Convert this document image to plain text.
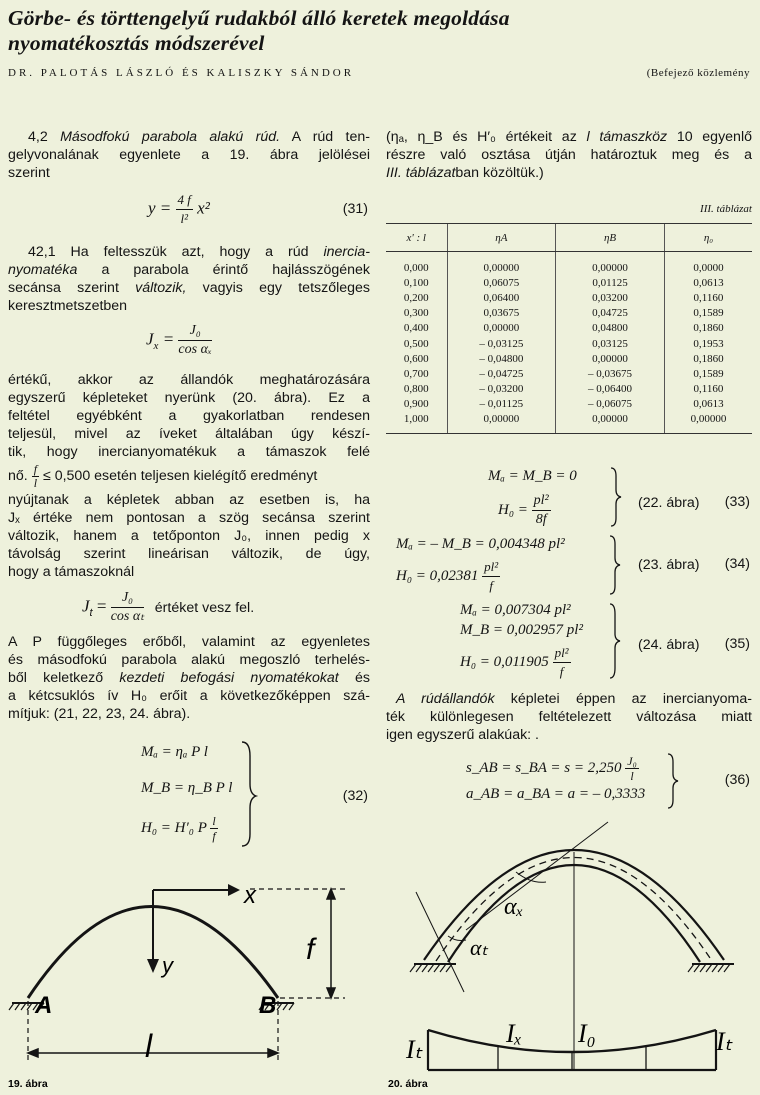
Görbe- és törttengelyű rudakból álló keretek megoldása
nyomatékosztás módszerével
DR. PALOTÁS LÁSZLÓ ÉS KALISZKY SÁNDOR	(Befejező közlemény
4,2 Másodfokú parabola alakú rúd. A rúd ten-
gelyvonalának egyenlete a 19. ábra jelölései
szerint
$y = \frac{4 f}{\text{l²}} x^2$	(31)
42,1 Ha feltesszük azt, hogy a rúd inercia-
nyomatéka a parabola érintő hajlásszögének
secánsa szerint változik, vagyis egy tetszőleges
keresztmetszetben
$J_x = \frac{\text{J₀}}{\text{cos αₓ}}$
értékű, akkor az állandók meghatározására
egyszerű képleteket nyerünk (20. ábra). Ez a
feltétel egyébként a gyakorlatban rendesen
teljesül, mivel az íveket általában úgy készí-
tik, hogy inercianyomatékuk a támaszok felé
nő. $\frac{f}{l} \le 0,500$ esetén teljesen kielégítő eredményt
nyújtanak a képletek abban az esetben is, ha
Jₓ értéke nem pontosan a szög secánsa szerint
változik, hanem a tetőponton J₀, innen pedig x
távolság szerint lineárisan változik, de úgy,
hogy a támaszoknál
$J_t = \frac{\text{J₀}}{\text{cos αₜ}}$ értéket vesz fel.
A P függőleges erőből, valamint az egyenletes
és másodfokú parabola alakú megoszló terhelés-
ből keletkező kezdeti befogási nyomatékokat és
a kétcsuklós ív H₀ erőit a következőképpen szá-
mítjuk: (21, 22, 23, 24. ábra).
Mₐ = ηₐ P l
M_B = η_B P l
H₀ = H′₀ P $\frac{l}{f}$
(32)
(ηₐ, η_B és H′₀ értékeit az l támaszköz 10 egyenlő
részre való osztása útján határoztuk meg és a
III. táblázatban közöltük.)
III. táblázat
x' : l	ηA	ηB	η₀
0,000	0,00000	0,00000	0,0000
0,100	0,06075	0,01125	0,0613
0,200	0,06400	0,03200	0,1160
0,300	0,03675	0,04725	0,1589
0,400	0,00000	0,04800	0,1860
0,500	– 0,03125	0,03125	0,1953
0,600	– 0,04800	0,00000	0,1860
0,700	– 0,04725	– 0,03675	0,1589
0,800	– 0,03200	– 0,06400	0,1160
0,900	– 0,01125	– 0,06075	0,0613
1,000	0,00000	0,00000	0,00000
Mₐ = M_B = 0
$H_0 = \frac{\text{pl²}}{8f}$	(22. ábra) (33)
Mₐ = – M_B = 0,004348 pl²
$H_0 = 0,02381 \frac{\text{pl²}}{f}$	(23. ábra) (34)
Mₐ = 0,007304 pl²
M_B = 0,002957 pl²
$H_0 = 0,011905 \frac{\text{pl²}}{f}$	(24. ábra) (35)
A rúdállandók képletei éppen az inercianyoma-
ték különlegesen feltételezett változása miatt
igen egyszerű alakúak: .
s_AB = s_BA = $s = 2,250 \frac{\text{J₀}}{l}$
a_AB = a_BA = a = – 0,3333
(36)
x
y	f
A	B
l
19. ábra
αₓ
αₜ
Iₜ
Iₓ I₀	Iₜ
20. ábra
